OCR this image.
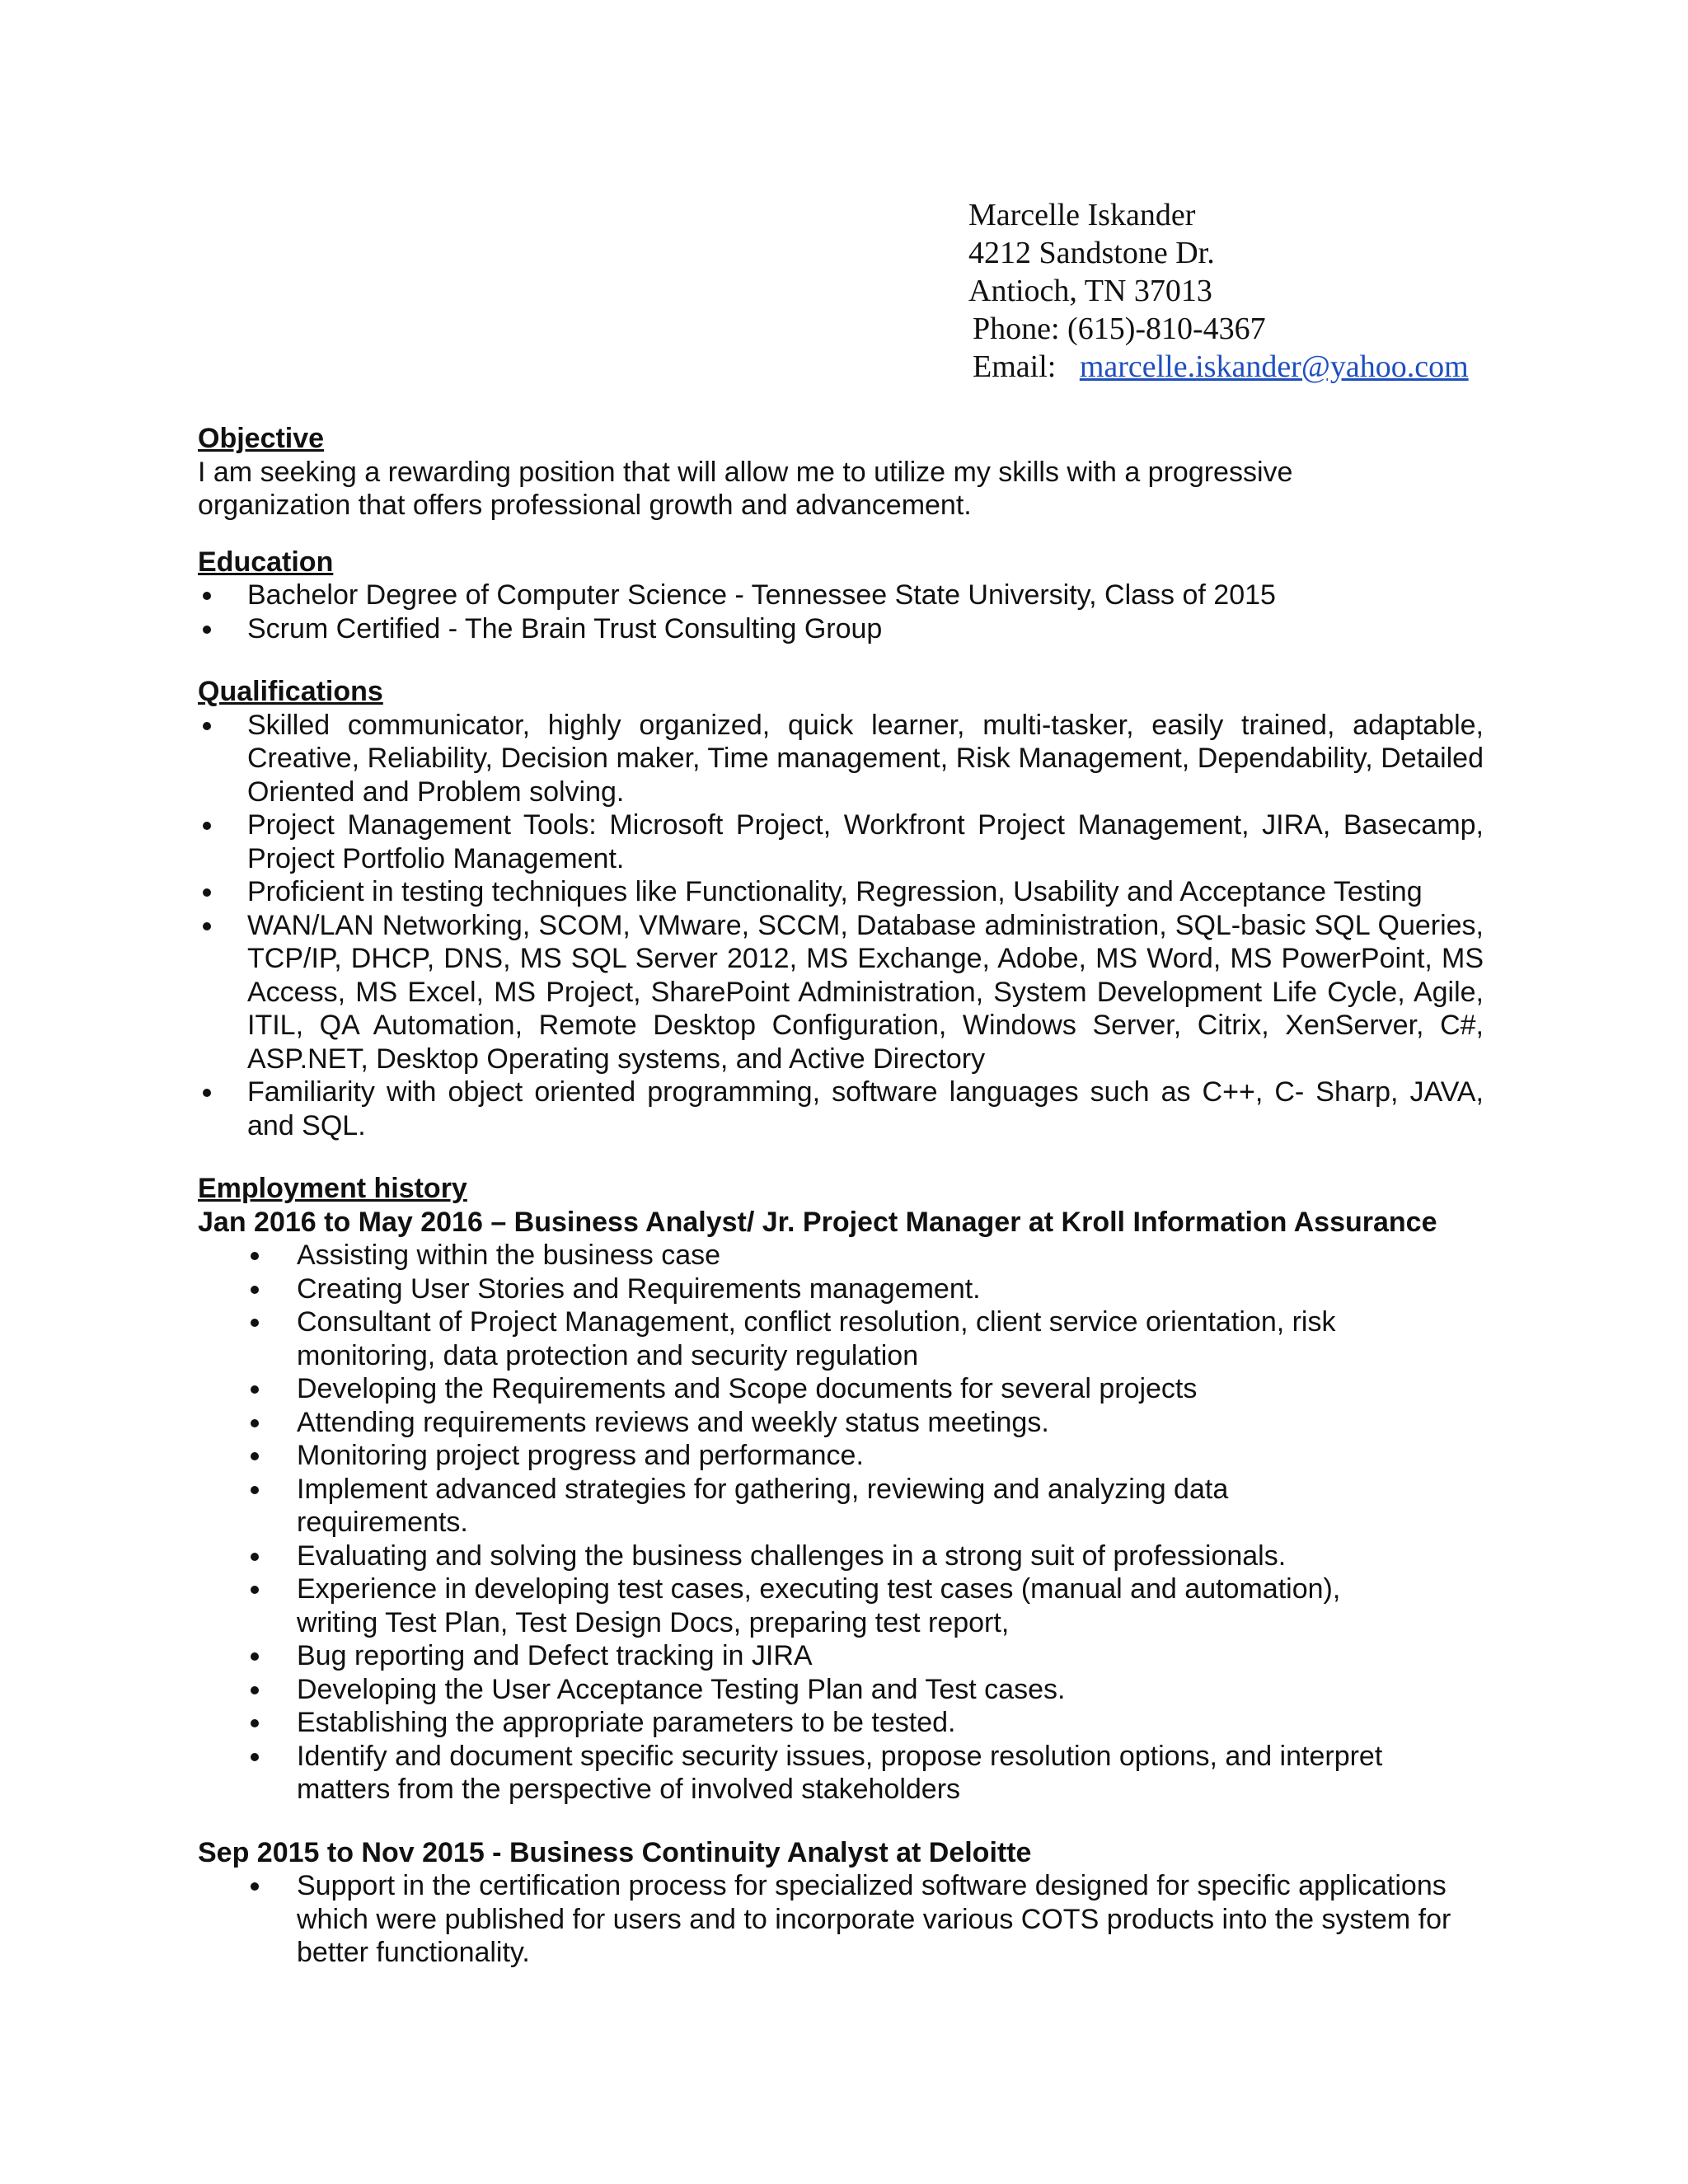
Marcelle Iskander
4212 Sandstone Dr.
Antioch, TN 37013
Phone: (615)-810-4367
Email: marcelle.iskander@yahoo.com

Objective

I am seeking a rewarding position that will allow me to utilize my skills with a progressive organization that offers professional growth and advancement.

Education

Bachelor Degree of Computer Science - Tennessee State University, Class of 2015
Scrum Certified - The Brain Trust Consulting Group

Qualifications

Skilled communicator, highly organized, quick learner, multi-tasker, easily trained, adaptable, Creative, Reliability, Decision maker, Time management, Risk Management, Dependability, Detailed Oriented and Problem solving.
Project Management Tools: Microsoft Project, Workfront Project Management, JIRA, Basecamp, Project Portfolio Management.
Proficient in testing techniques like Functionality, Regression, Usability and Acceptance Testing
WAN/LAN Networking, SCOM, VMware, SCCM, Database administration, SQL-basic SQL Queries, TCP/IP, DHCP, DNS, MS SQL Server 2012, MS Exchange, Adobe, MS Word, MS PowerPoint, MS Access, MS Excel, MS Project, SharePoint Administration, System Development Life Cycle, Agile, ITIL, QA Automation, Remote Desktop Configuration, Windows Server, Citrix, XenServer, C#, ASP.NET, Desktop Operating systems, and Active Directory
Familiarity with object oriented programming, software languages such as C++, C- Sharp, JAVA, and SQL.

Employment history

Jan 2016 to May 2016 – Business Analyst/ Jr. Project Manager at Kroll Information Assurance

Assisting within the business case
Creating User Stories and Requirements management.
Consultant of Project Management, conflict resolution, client service orientation, risk monitoring, data protection and security regulation
Developing the Requirements and Scope documents for several projects
Attending requirements reviews and weekly status meetings.
Monitoring project progress and performance.
Implement advanced strategies for gathering, reviewing and analyzing data requirements.
Evaluating and solving the business challenges in a strong suit of professionals.
Experience in developing test cases, executing test cases (manual and automation), writing Test Plan, Test Design Docs, preparing test report,
Bug reporting and Defect tracking in JIRA
Developing the User Acceptance Testing Plan and Test cases.
Establishing the appropriate parameters to be tested.
Identify and document specific security issues, propose resolution options, and interpret matters from the perspective of involved stakeholders

Sep 2015 to Nov 2015 - Business Continuity Analyst at Deloitte

Support in the certification process for specialized software designed for specific applications which were published for users and to incorporate various COTS products into the system for better functionality.
